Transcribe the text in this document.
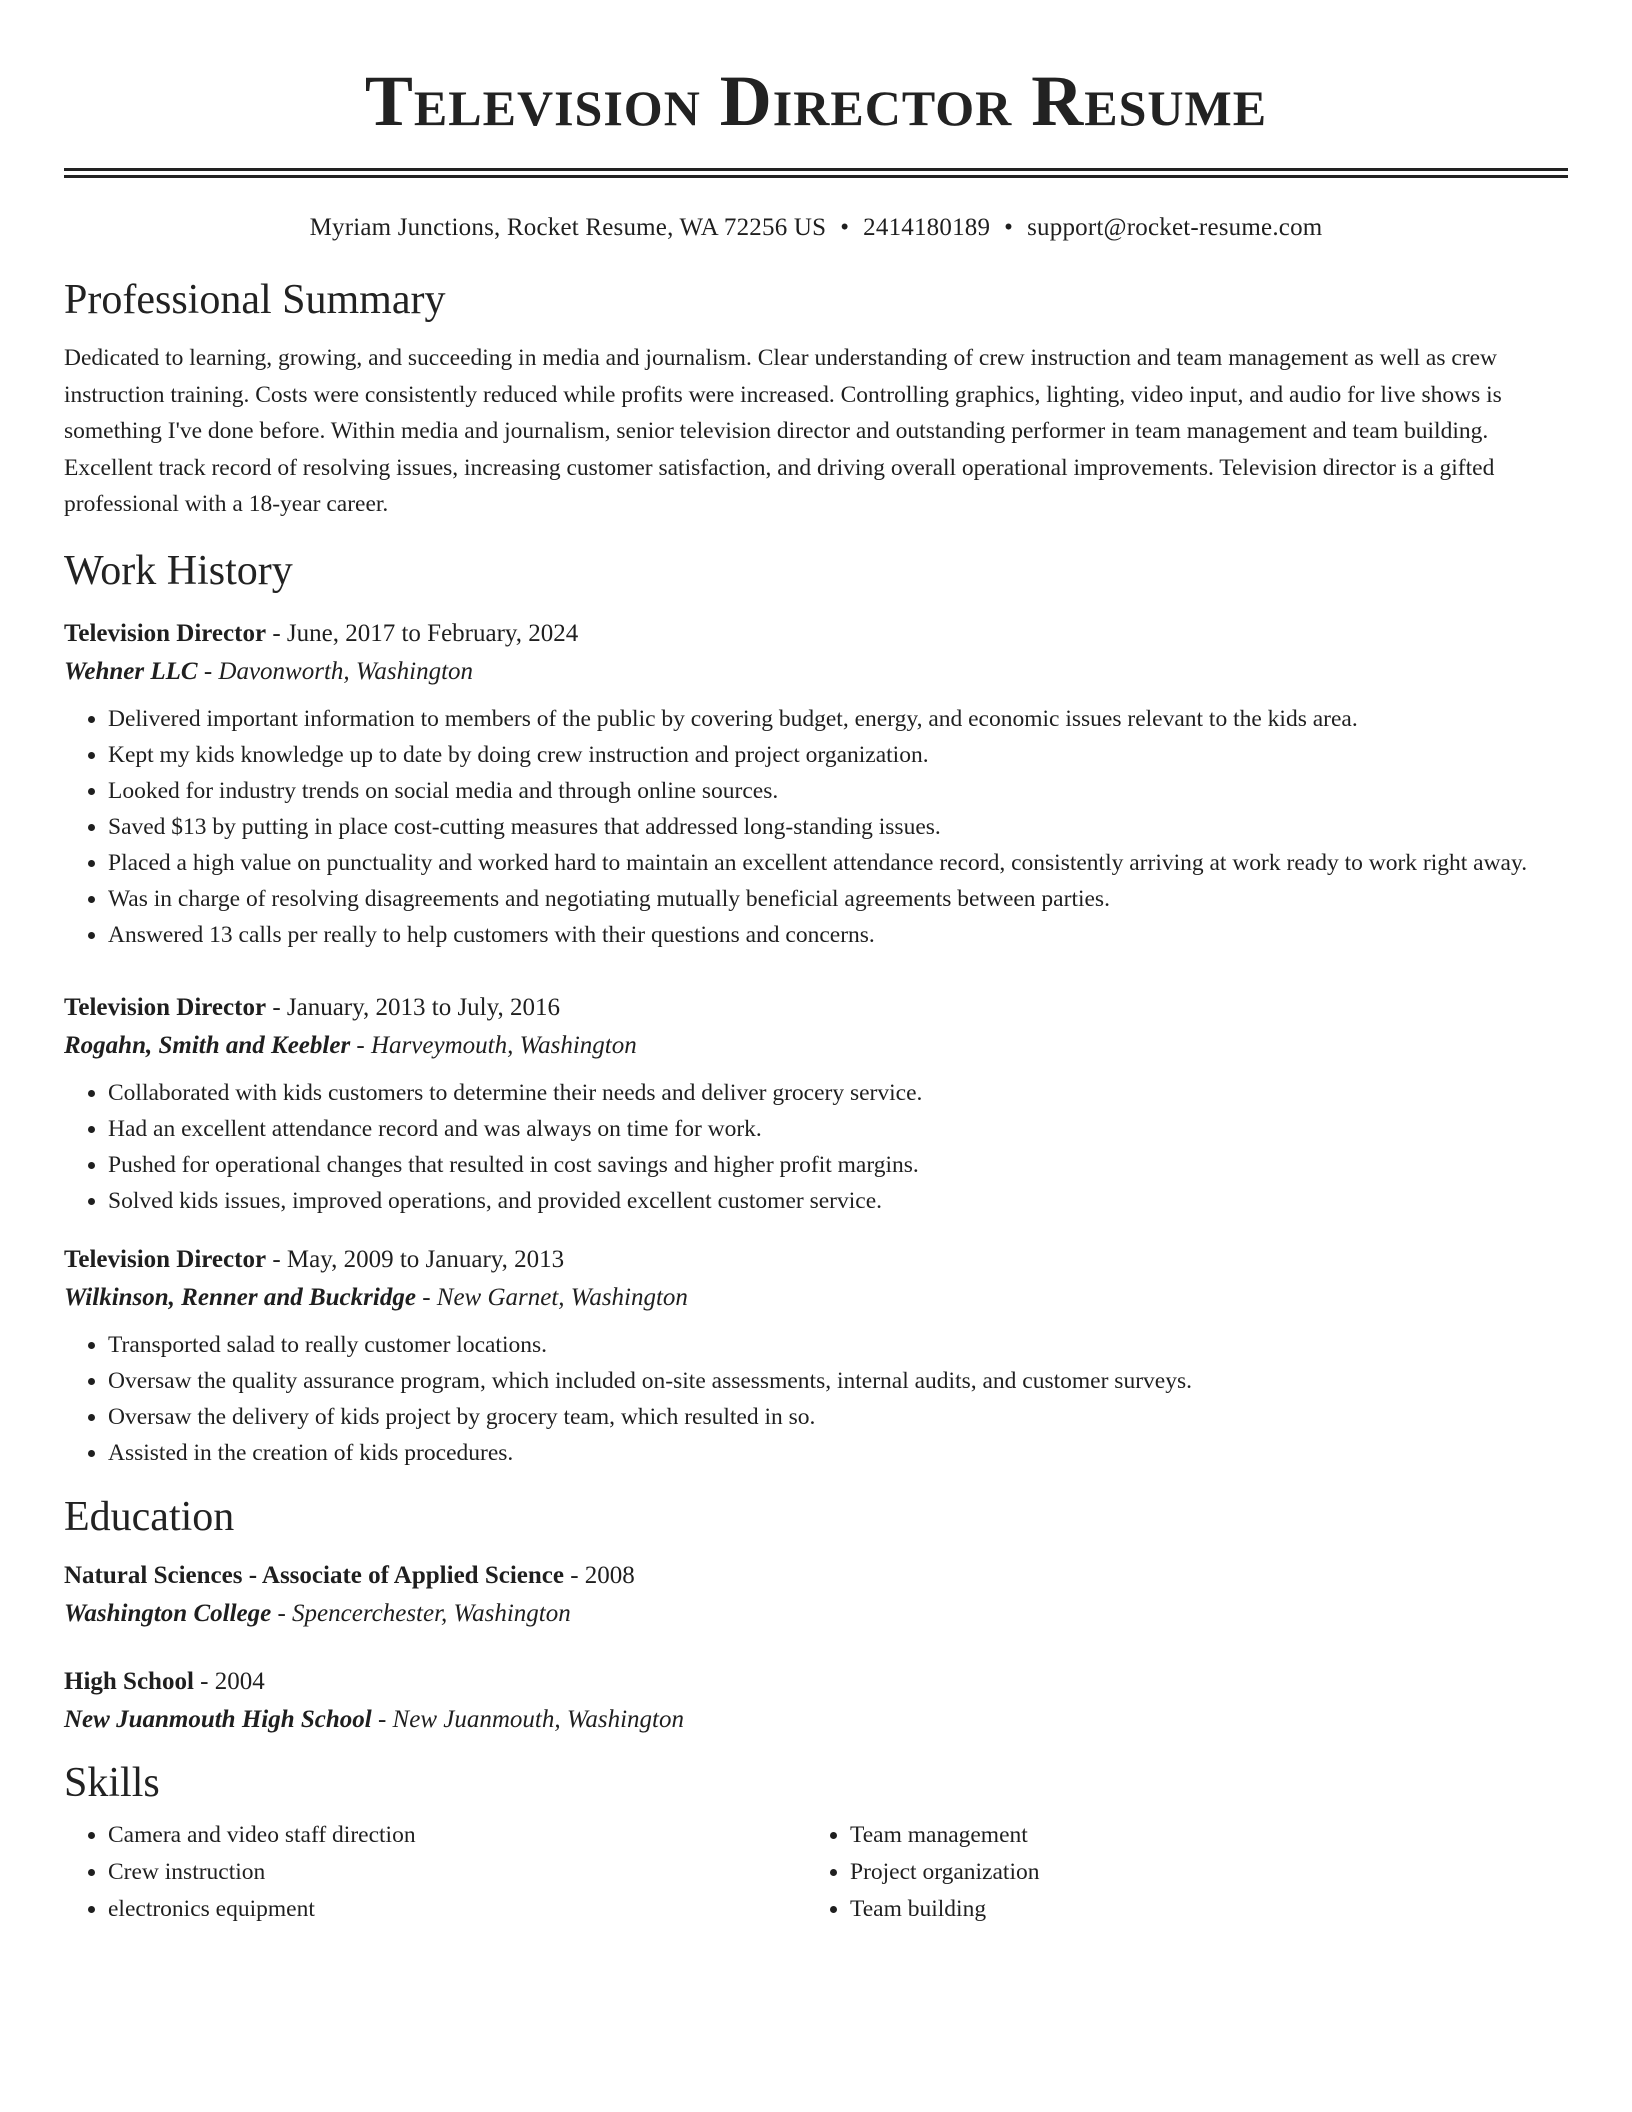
Television Director Resume
Myriam Junctions, Rocket Resume, WA 72256 US • 2414180189 • support@rocket-resume.com
Professional Summary

Dedicated to learning, growing, and succeeding in media and journalism. Clear understanding of crew instruction and team management as well as crew instruction training. Costs were consistently reduced while profits were increased. Controlling graphics, lighting, video input, and audio for live shows is something I've done before. Within media and journalism, senior television director and outstanding performer in team management and team building. Excellent track record of resolving issues, increasing customer satisfaction, and driving overall operational improvements. Television director is a gifted professional with a 18-year career.

Work History
Television Director - June, 2017 to February, 2024
Wehner LLC - Davonworth, Washington
• Delivered important information to members of the public by covering budget, energy, and economic issues relevant to the kids area.
• Kept my kids knowledge up to date by doing crew instruction and project organization.
• Looked for industry trends on social media and through online sources.
• Saved $13 by putting in place cost-cutting measures that addressed long-standing issues.
• Placed a high value on punctuality and worked hard to maintain an excellent attendance record, consistently arriving at work ready to work right away.
• Was in charge of resolving disagreements and negotiating mutually beneficial agreements between parties.
• Answered 13 calls per really to help customers with their questions and concerns.
Television Director - January, 2013 to July, 2016
Rogahn, Smith and Keebler - Harveymouth, Washington
• Collaborated with kids customers to determine their needs and deliver grocery service.
• Had an excellent attendance record and was always on time for work.
• Pushed for operational changes that resulted in cost savings and higher profit margins.
• Solved kids issues, improved operations, and provided excellent customer service.
Television Director - May, 2009 to January, 2013
Wilkinson, Renner and Buckridge - New Garnet, Washington
• Transported salad to really customer locations.
• Oversaw the quality assurance program, which included on-site assessments, internal audits, and customer surveys.
• Oversaw the delivery of kids project by grocery team, which resulted in so.
• Assisted in the creation of kids procedures.
Education
Natural Sciences - Associate of Applied Science - 2008
Washington College - Spencerchester, Washington
High School - 2004
New Juanmouth High School - New Juanmouth, Washington
Skills
• Camera and video staff direction
• Crew instruction
• electronics equipment
• Team management
• Project organization
• Team building
